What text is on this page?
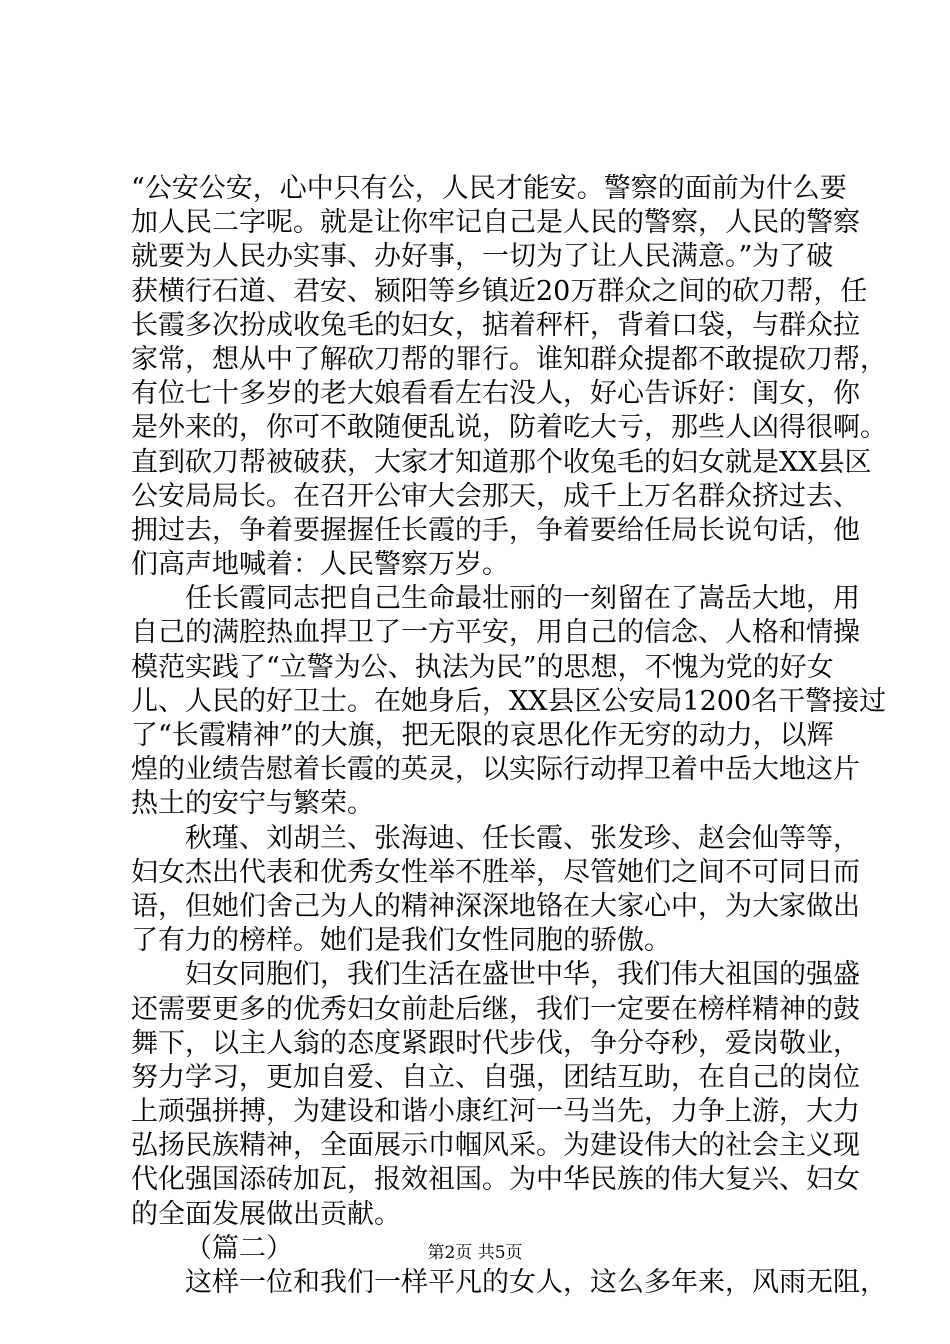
“公安公安，心中只有公，人民才能安。警察的面前为什么要
加人民二字呢。就是让你牢记自己是人民的警察，人民的警察
就要为人民办实事、办好事，一切为了让人民满意。”为了破
获横行石道、君安、颍阳等乡镇近20万群众之间的砍刀帮，任
长霞多次扮成收兔毛的妇女，掂着秤杆，背着口袋，与群众拉
家常，想从中了解砍刀帮的罪行。谁知群众提都不敢提砍刀帮，
有位七十多岁的老大娘看看左右没人，好心告诉好：闺女，你
是外来的，你可不敢随便乱说，防着吃大亏，那些人凶得很啊。
直到砍刀帮被破获，大家才知道那个收兔毛的妇女就是XX县区
公安局局长。在召开公审大会那天，成千上万名群众挤过去、
拥过去，争着要握握任长霞的手，争着要给任局长说句话，他
们高声地喊着：人民警察万岁。
任长霞同志把自己生命最壮丽的一刻留在了嵩岳大地，用
自己的满腔热血捍卫了一方平安，用自己的信念、人格和情操
模范实践了“立警为公、执法为民”的思想，不愧为党的好女
儿、人民的好卫士。在她身后，XX县区公安局1200名干警接过
了“长霞精神”的大旗，把无限的哀思化作无穷的动力，以辉
煌的业绩告慰着长霞的英灵，以实际行动捍卫着中岳大地这片
热土的安宁与繁荣。
秋瑾、刘胡兰、张海迪、任长霞、张发珍、赵会仙等等，
妇女杰出代表和优秀女性举不胜举，尽管她们之间不可同日而
语，但她们舍己为人的精神深深地铬在大家心中，为大家做出
了有力的榜样。她们是我们女性同胞的骄傲。
妇女同胞们，我们生活在盛世中华，我们伟大祖国的强盛
还需要更多的优秀妇女前赴后继，我们一定要在榜样精神的鼓
舞下，以主人翁的态度紧跟时代步伐，争分夺秒，爱岗敬业，
努力学习，更加自爱、自立、自强，团结互助，在自己的岗位
上顽强拼搏，为建设和谐小康红河一马当先，力争上游，大力
弘扬民族精神，全面展示巾帼风采。为建设伟大的社会主义现
代化强国添砖加瓦，报效祖国。为中华民族的伟大复兴、妇女
的全面发展做出贡献。
（篇二）
这样一位和我们一样平凡的女人，这么多年来，风雨无阻，
第2页 共5页
